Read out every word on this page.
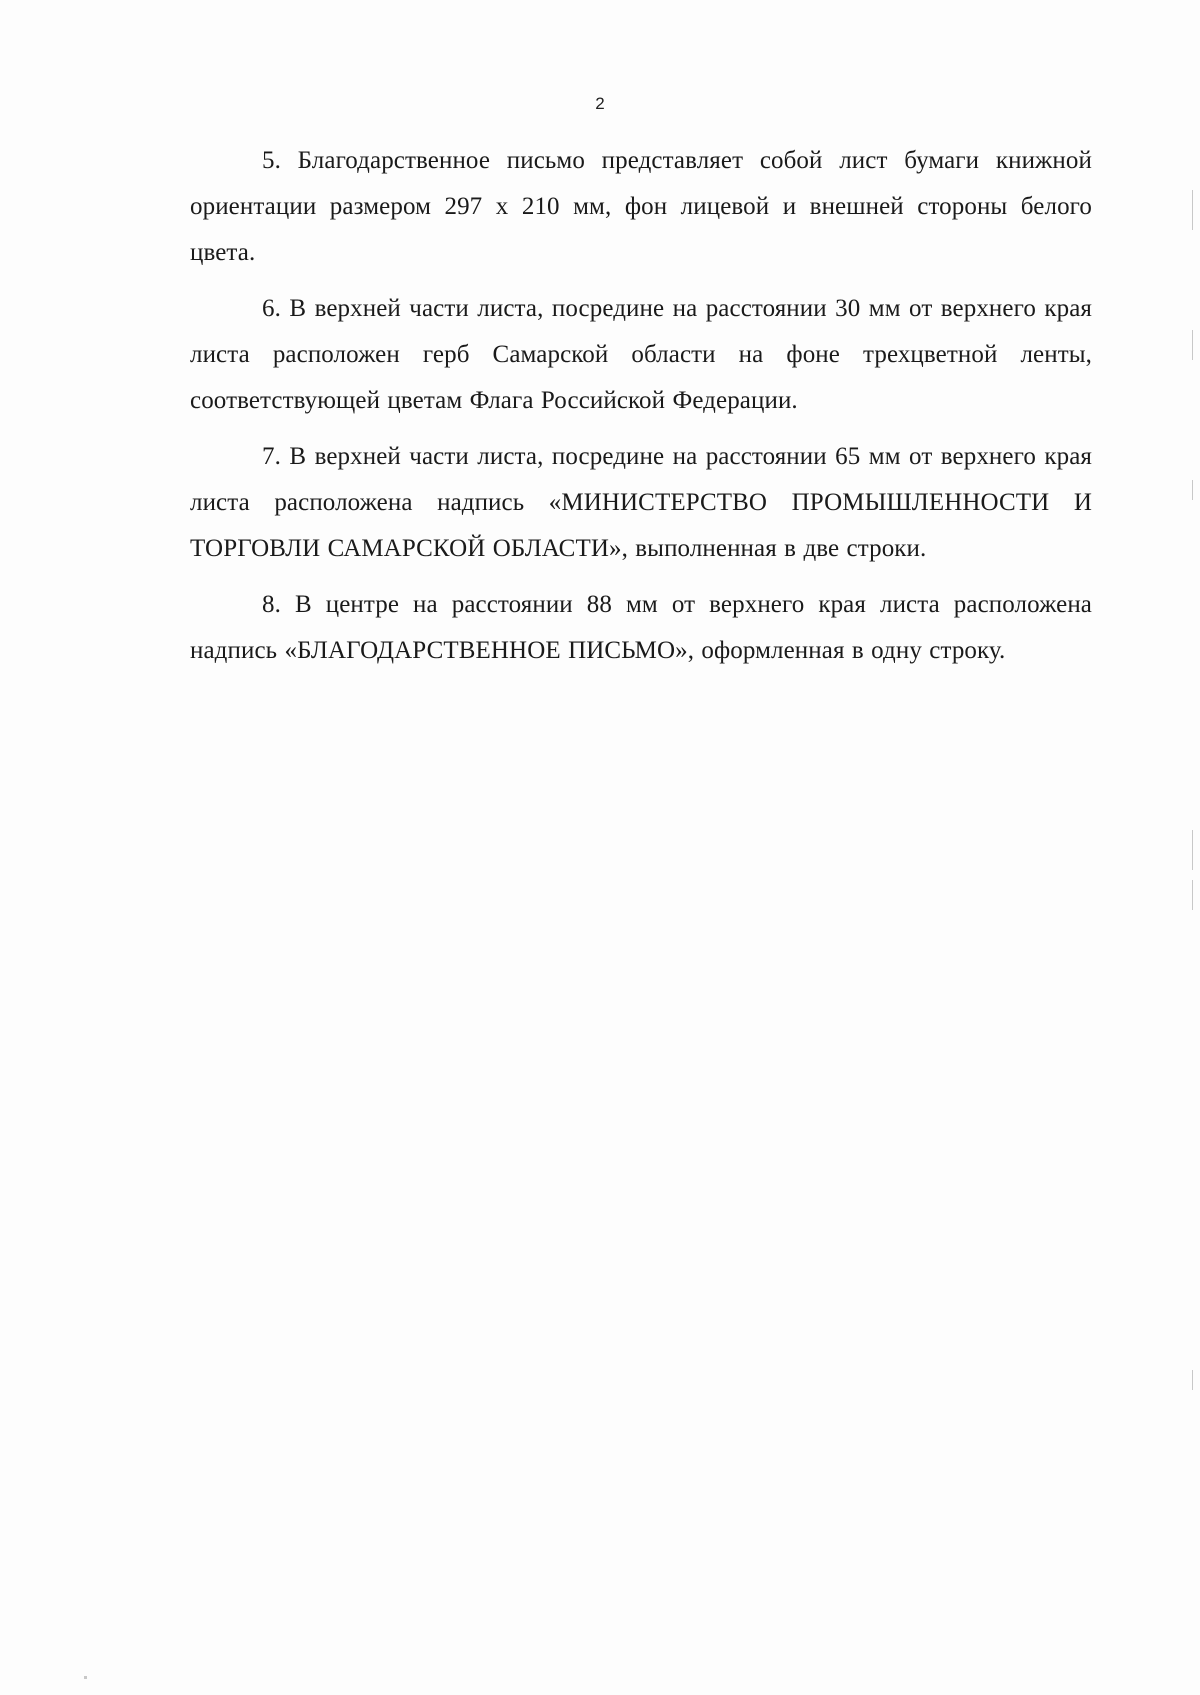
2

5. Благодарственное письмо представляет собой лист бумаги книжной ориентации размером 297 х 210 мм, фон лицевой и внешней стороны белого цвета.

6. В верхней части листа, посредине на расстоянии 30 мм от верхнего края листа расположен герб Самарской области на фоне трехцветной ленты, соответствующей цветам Флага Российской Федерации.

7. В верхней части листа, посредине на расстоянии 65 мм от верхнего края листа расположена надпись «МИНИСТЕРСТВО ПРОМЫШЛЕННОСТИ И ТОРГОВЛИ САМАРСКОЙ ОБЛАСТИ», выполненная в две строки.

8. В центре на расстоянии 88 мм от верхнего края листа расположена надпись «БЛАГОДАРСТВЕННОЕ ПИСЬМО», оформленная в одну строку.
